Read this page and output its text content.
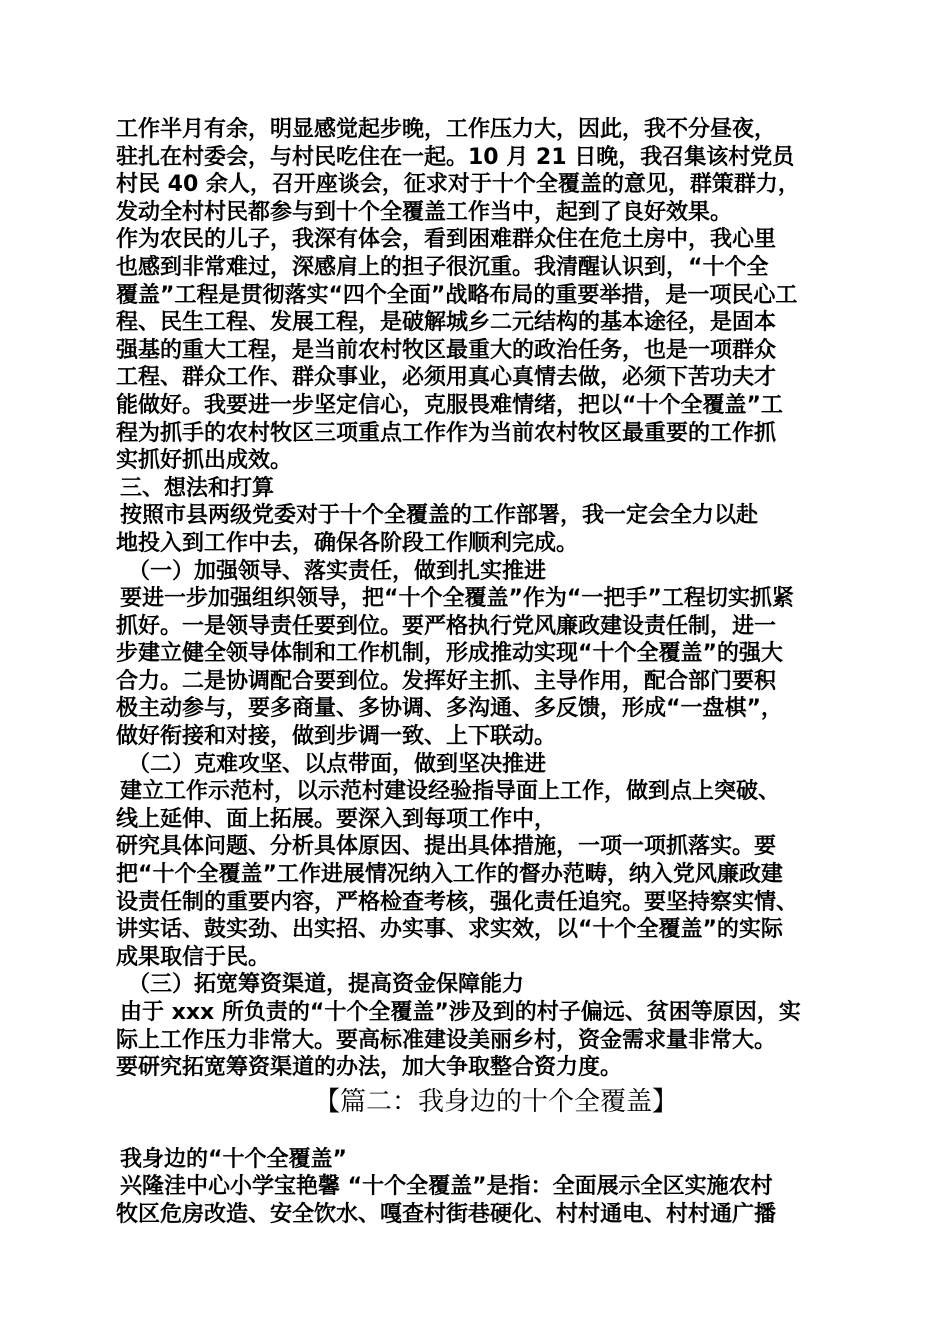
工作半月有余，明显感觉起步晚，工作压力大，因此，我不分昼夜，
驻扎在村委会，与村民吃住在一起。10 月 21 日晚，我召集该村党员
村民 40 余人，召开座谈会，征求对于十个全覆盖的意见，群策群力，
发动全村村民都参与到十个全覆盖工作当中，起到了良好效果。
作为农民的儿子，我深有体会，看到困难群众住在危土房中，我心里
也感到非常难过，深感肩上的担子很沉重。我清醒认识到，“十个全
覆盖”工程是贯彻落实“四个全面”战略布局的重要举措，是一项民心工
程、民生工程、发展工程，是破解城乡二元结构的基本途径，是固本
强基的重大工程，是当前农村牧区最重大的政治任务，也是一项群众
工程、群众工作、群众事业，必须用真心真情去做，必须下苦功夫才
能做好。我要进一步坚定信心，克服畏难情绪，把以“十个全覆盖”工
程为抓手的农村牧区三项重点工作作为当前农村牧区最重要的工作抓
实抓好抓出成效。
三、想法和打算
按照市县两级党委对于十个全覆盖的工作部署，我一定会全力以赴
地投入到工作中去，确保各阶段工作顺利完成。
（一）加强领导、落实责任，做到扎实推进
要进一步加强组织领导，把“十个全覆盖”作为“一把手”工程切实抓紧
抓好。一是领导责任要到位。要严格执行党风廉政建设责任制，进一
步建立健全领导体制和工作机制，形成推动实现“十个全覆盖”的强大
合力。二是协调配合要到位。发挥好主抓、主导作用，配合部门要积
极主动参与，要多商量、多协调、多沟通、多反馈，形成“一盘棋”，
做好衔接和对接，做到步调一致、上下联动。
（二）克难攻坚、以点带面，做到坚决推进
建立工作示范村，以示范村建设经验指导面上工作，做到点上突破、
线上延伸、面上拓展。要深入到每项工作中，
研究具体问题、分析具体原因、提出具体措施，一项一项抓落实。要
把“十个全覆盖”工作进展情况纳入工作的督办范畴，纳入党风廉政建
设责任制的重要内容，严格检查考核，强化责任追究。要坚持察实情、
讲实话、鼓实劲、出实招、办实事、求实效，以“十个全覆盖”的实际
成果取信于民。
（三）拓宽筹资渠道，提高资金保障能力
由于 xxx 所负责的“十个全覆盖”涉及到的村子偏远、贫困等原因，实
际上工作压力非常大。要高标准建设美丽乡村，资金需求量非常大。
要研究拓宽筹资渠道的办法，加大争取整合资力度。
【篇二：我身边的十个全覆盖】
我身边的“十个全覆盖”
兴隆洼中心小学宝艳馨 “十个全覆盖”是指：全面展示全区实施农村
牧区危房改造、安全饮水、嘎查村街巷硬化、村村通电、村村通广播
